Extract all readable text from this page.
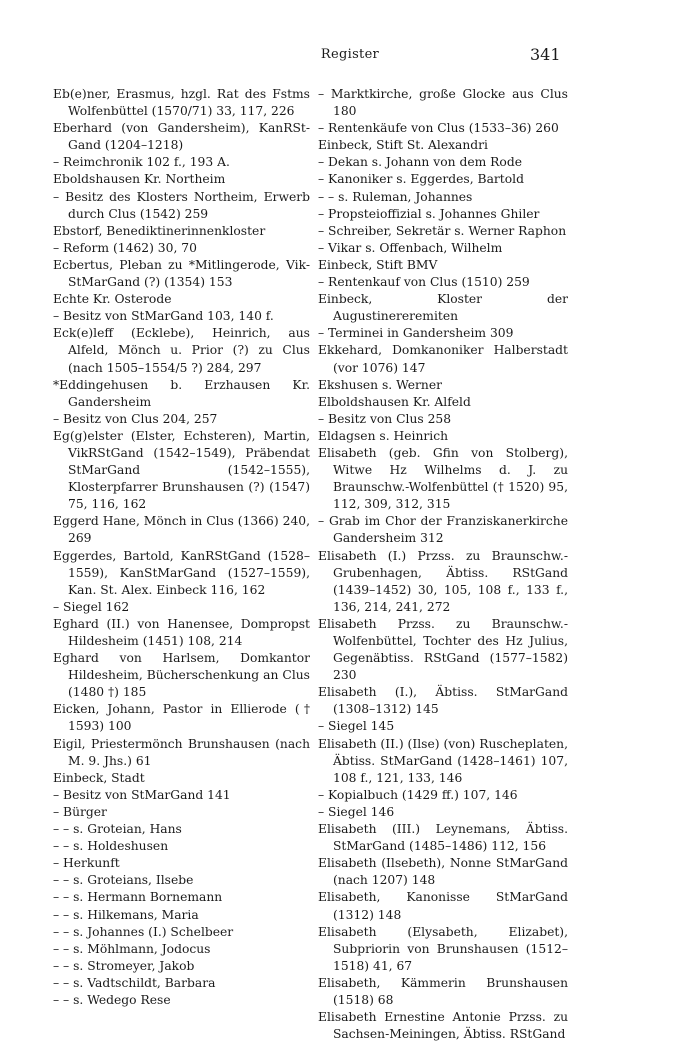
Register	341

Eb(e)ner, Erasmus, hzgl. Rat des Fstms Wolfenbüttel (1570/71) 33, 117, 226

Eberhard (von Gandersheim), KanRSt-Gand (1204–1218)

– Reimchronik 102 f., 193 A.

Eboldshausen Kr. Northeim

– Besitz des Klosters Northeim, Erwerb durch Clus (1542) 259

Ebstorf, Benediktinerinnenkloster

– Reform (1462) 30, 70

Ecbertus, Pleban zu *Mitlingerode, Vik-StMarGand (?) (1354) 153

Echte Kr. Osterode

– Besitz von StMarGand 103, 140 f.

Eck(e)leff (Ecklebe), Heinrich, aus Alfeld, Mönch u. Prior (?) zu Clus (nach 1505–1554/5 ?) 284, 297

*Eddingehusen b. Erzhausen Kr. Gandersheim

– Besitz von Clus 204, 257

Eg(g)elster (Elster, Echsteren), Martin, VikRStGand (1542–1549), Präbendat StMarGand (1542–1555), Klosterpfarrer Brunshausen (?) (1547) 75, 116, 162

Eggerd Hane, Mönch in Clus (1366) 240, 269

Eggerdes, Bartold, KanRStGand (1528–1559), KanStMarGand (1527–1559), Kan. St. Alex. Einbeck 116, 162

– Siegel 162

Eghard (II.) von Hanensee, Dompropst Hildesheim (1451) 108, 214

Eghard von Harlsem, Domkantor Hildesheim, Bücherschenkung an Clus (1480 †) 185

Eicken, Johann, Pastor in Ellierode († 1593) 100

Eigil, Priestermönch Brunshausen (nach M. 9. Jhs.) 61

Einbeck, Stadt

– Besitz von StMarGand 141

– Bürger

– – s. Groteian, Hans

– – s. Holdeshusen

– Herkunft

– – s. Groteians, Ilsebe

– – s. Hermann Bornemann

– – s. Hilkemans, Maria

– – s. Johannes (I.) Schelbeer

– – s. Möhlmann, Jodocus

– – s. Stromeyer, Jakob

– – s. Vadtschildt, Barbara

– – s. Wedego Rese

– Marktkirche, große Glocke aus Clus 180

– Rentenkäufe von Clus (1533–36) 260

Einbeck, Stift St. Alexandri

– Dekan s. Johann von dem Rode

– Kanoniker s. Eggerdes, Bartold

– – s. Ruleman, Johannes

– Propsteioffizial s. Johannes Ghiler

– Schreiber, Sekretär s. Werner Raphon

– Vikar s. Offenbach, Wilhelm

Einbeck, Stift BMV

– Rentenkauf von Clus (1510) 259

Einbeck, Kloster der Augustinereremiten

– Terminei in Gandersheim 309

Ekkehard, Domkanoniker Halberstadt (vor 1076) 147

Ekshusen s. Werner

Elboldshausen Kr. Alfeld

– Besitz von Clus 258

Eldagsen s. Heinrich

Elisabeth (geb. Gfin von Stolberg), Witwe Hz Wilhelms d. J. zu Braunschw.-Wolfenbüttel († 1520) 95, 112, 309, 312, 315

– Grab im Chor der Franziskanerkirche Gandersheim 312

Elisabeth (I.) Przss. zu Braunschw.-Grubenhagen, Äbtiss. RStGand (1439–1452) 30, 105, 108 f., 133 f., 136, 214, 241, 272

Elisabeth Przss. zu Braunschw.-Wolfenbüttel, Tochter des Hz Julius, Gegenäbtiss. RStGand (1577–1582) 230

Elisabeth (I.), Äbtiss. StMarGand (1308–1312) 145

– Siegel 145

Elisabeth (II.) (Ilse) (von) Ruscheplaten, Äbtiss. StMarGand (1428–1461) 107, 108 f., 121, 133, 146

– Kopialbuch (1429 ff.) 107, 146

– Siegel 146

Elisabeth (III.) Leynemans, Äbtiss. StMarGand (1485–1486) 112, 156

Elisabeth (Ilsebeth), Nonne StMarGand (nach 1207) 148

Elisabeth, Kanonisse StMarGand (1312) 148

Elisabeth (Elysabeth, Elizabet), Subpriorin von Brunshausen (1512–1518) 41, 67

Elisabeth, Kämmerin Brunshausen (1518) 68

Elisabeth Ernestine Antonie Przss. zu Sachsen-Meiningen, Äbtiss. RStGand
